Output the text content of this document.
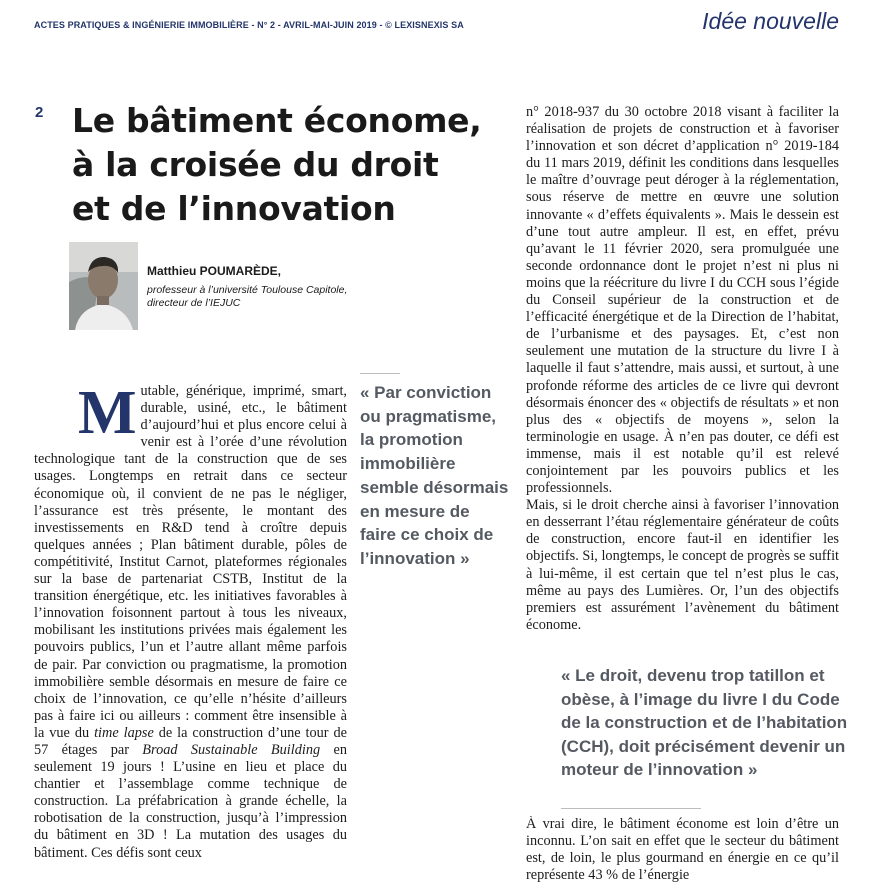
ACTES PRATIQUES & INGÉNIERIE IMMOBILIÈRE - N° 2 - AVRIL-MAI-JUIN 2019 - © LEXISNEXIS SA	Idée nouvelle
2 Le bâtiment économe,
à la croisée du droit
et de l’innovation
Matthieu POUMARÈDE,
professeur à l’université Toulouse Capitole,
directeur de l’IEJUC
M utable, générique, imprimé, smart, durable, usiné, etc., le bâtiment d’aujourd’hui et plus encore celui à venir est à l’orée d’une révolution technologique tant de la construction que de ses usages. Longtemps en retrait dans ce secteur économique où, il convient de ne pas le négliger, l’assurance est très présente, le montant des investissements en R&D tend à croître depuis quelques années ; Plan bâtiment durable, pôles de compétitivité, Institut Carnot, plateformes régionales sur la base de partenariat CSTB, Institut de la transition énergétique, etc. les initiatives favorables à l’innovation foisonnent partout à tous les niveaux, mobilisant les institutions privées mais également les pouvoirs publics, l’un et l’autre allant même parfois de pair. Par conviction ou pragmatisme, la promotion immobilière semble désormais en mesure de faire ce choix de l’innovation, ce qu’elle n’hésite d’ailleurs pas à faire ici ou ailleurs : comment être insensible à la vue du time lapse de la construction d’une tour de 57 étages par Broad Sustainable Building en seulement 19 jours ! L’usine en lieu et place du chantier et l’assemblage comme technique de construction. La préfabrication à grande échelle, la robotisation de la construction, jusqu’à l’impression du bâtiment en 3D ! La mutation des usages du bâtiment. Ces défis sont ceux

« Par conviction ou pragmatisme, la promotion immobilière semble désormais en mesure de faire ce choix de l’innovation »

n° 2018-937 du 30 octobre 2018 visant à faciliter la réalisation de projets de construction et à favoriser l’innovation et son décret d’application n° 2019-184 du 11 mars 2019, définit les conditions dans lesquelles le maître d’ouvrage peut déroger à la réglementation, sous réserve de mettre en œuvre une solution innovante « d’effets équivalents ». Mais le dessein est d’une tout autre ampleur. Il est, en effet, prévu qu’avant le 11 février 2020, sera promulguée une seconde ordonnance dont le projet n’est ni plus ni moins que la réécriture du livre I du CCH sous l’égide du Conseil supérieur de la construction et de l’efficacité énergétique et de la Direction de l’habitat, de l’urbanisme et des paysages. Et, c’est non seulement une mutation de la structure du livre I à laquelle il faut s’attendre, mais aussi, et surtout, à une profonde réforme des articles de ce livre qui devront désormais énoncer des « objectifs de résultats » et non plus des « objectifs de moyens », selon la terminologie en usage. À n’en pas douter, ce défi est immense, mais il est notable qu’il est relevé conjointement par les pouvoirs publics et les professionnels.

Mais, si le droit cherche ainsi à favoriser l’innovation en desserrant l’étau réglementaire générateur de coûts de construction, encore faut-il en identifier les objectifs. Si, longtemps, le concept de progrès se suffit à lui-même, il est certain que tel n’est plus le cas, même au pays des Lumières. Or, l’un des objectifs premiers est assurément l’avènement du bâtiment économe.

« Le droit, devenu trop tatillon et obèse, à l’image du livre I du Code de la construction et de l’habitation (CCH), doit précisément devenir un moteur de l’innovation »

À vrai dire, le bâtiment économe est loin d’être un inconnu. L’on sait en effet que le secteur du bâtiment est, de loin, le plus gourmand en énergie en ce qu’il représente 43 % de l’énergie
